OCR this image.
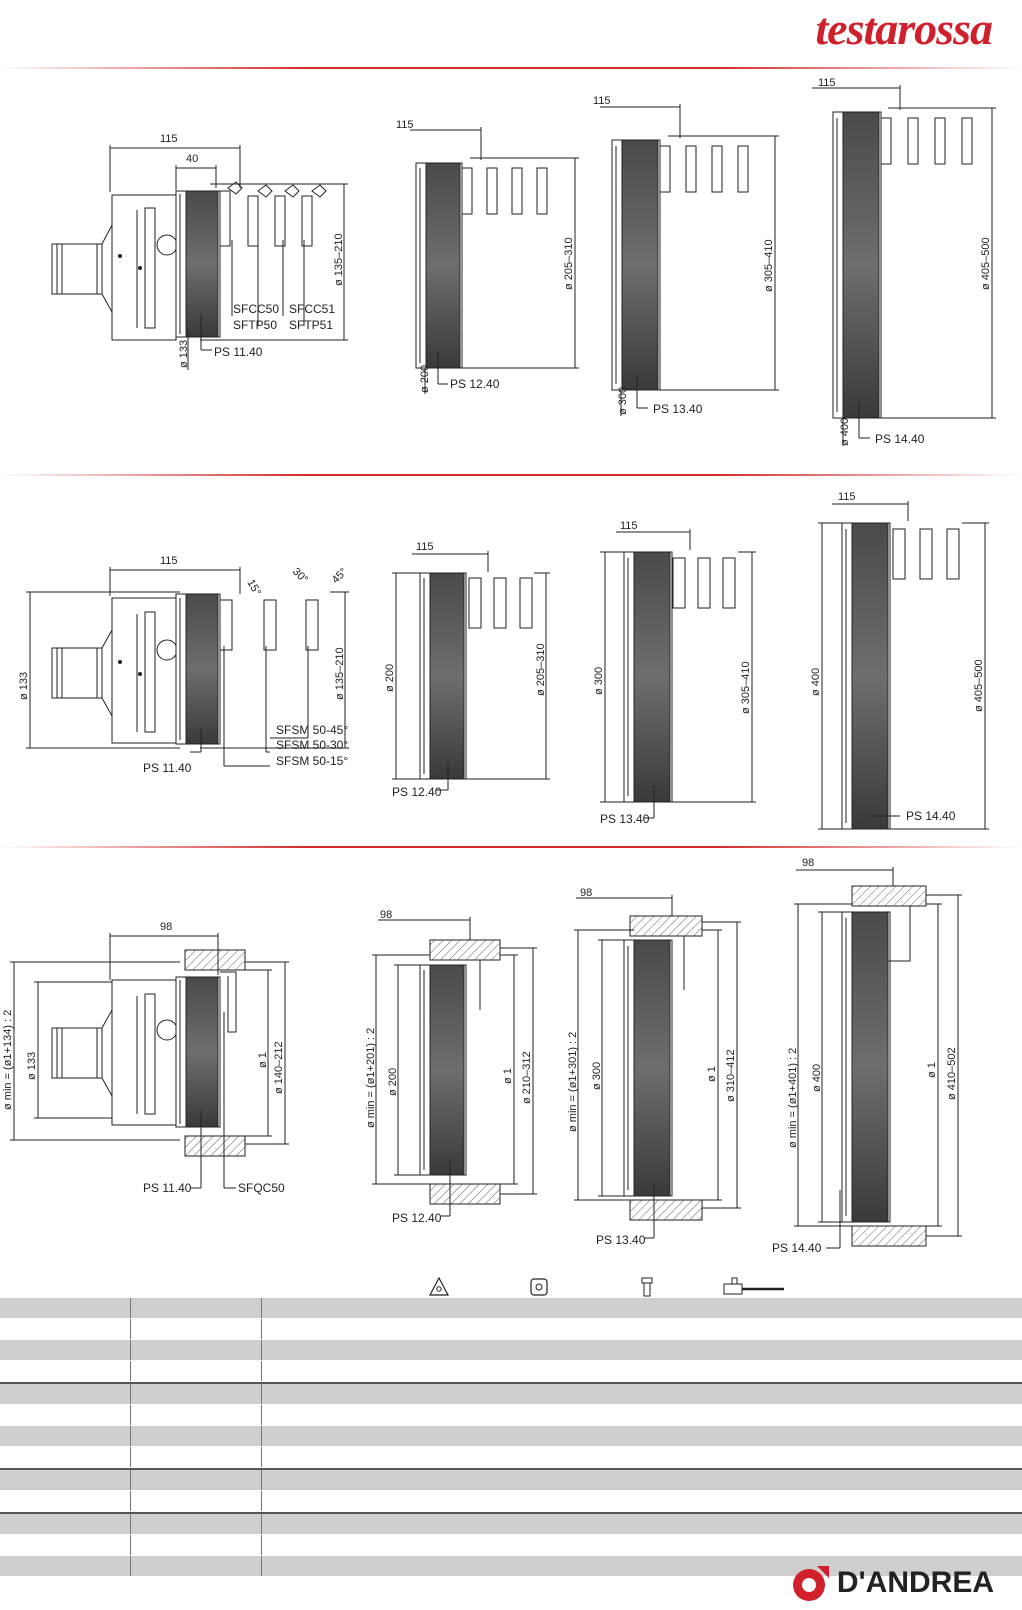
testarossa
115
40
ø 133
ø 135–210
PS 11.40
SFCC50
SFTP50
SFCC51
SFTP51
115
ø 200
ø 205–310
PS 12.40
115
ø 300
ø 305–410
PS 13.40
115
ø 400
ø 405–500
PS 14.40
115
ø 133	ø 135–210
PS 11.40
15°
30° 45°
SFSM 50-45°
SFSM 50-30°
SFSM 50-15°
115
ø 200	ø 205–310
PS 12.40
115
ø 300	ø 305–410
PS 13.40
115
ø 400	ø 405–500
PS 14.40
98
ø min = (ø1+134) : 2 ø 133	ø 1 ø 140–212
PS 11.40	SFQC50
98
ø min = (ø1+201) : 2 ø 200	ø 1 ø 210–312
PS 12.40
98
ø min = (ø1+301) : 2 ø 300	ø 1 ø 310–412
PS 13.40
98
ø min = (ø1+401) : 2 ø 400	ø 1 ø 410–502
PS 14.40
D'ANDREA
